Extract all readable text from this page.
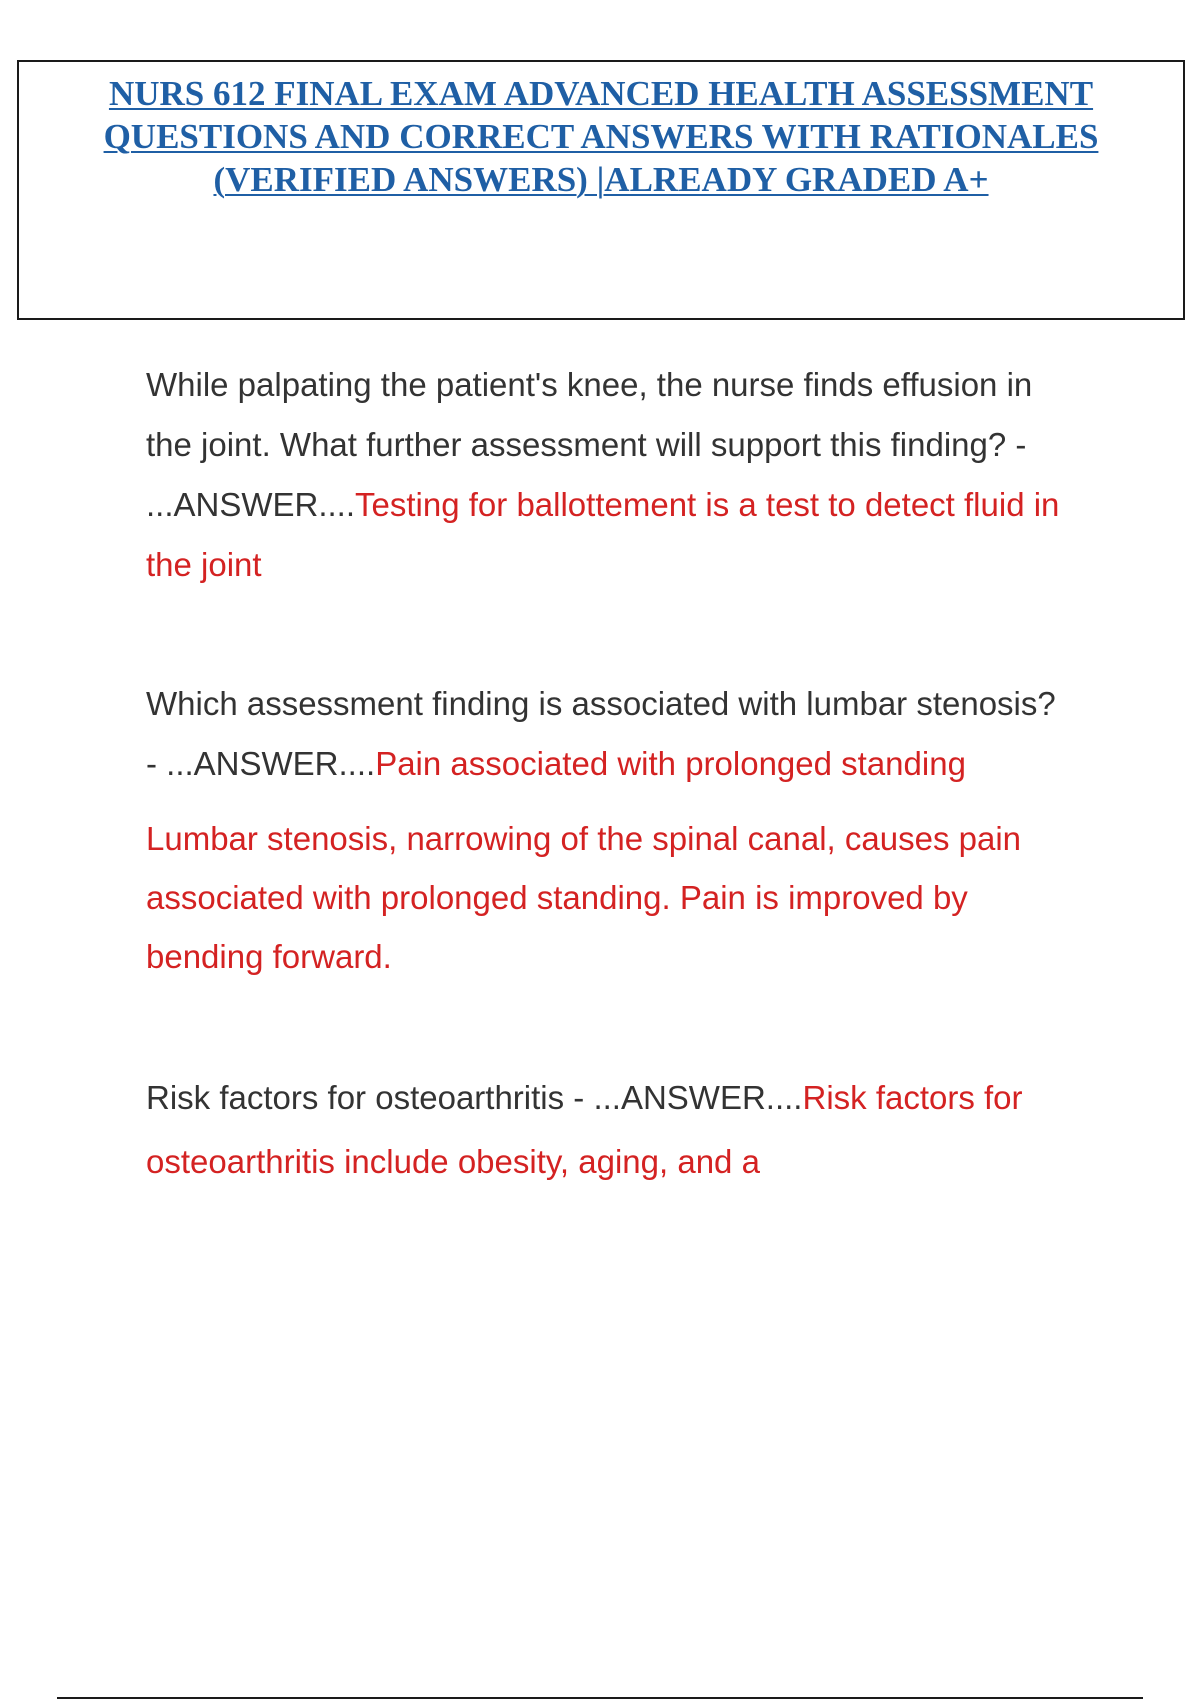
NURS 612 FINAL EXAM ADVANCED HEALTH ASSESSMENT
QUESTIONS AND CORRECT ANSWERS WITH RATIONALES
(VERIFIED ANSWERS) |ALREADY GRADED A+

While palpating the patient's knee, the nurse finds effusion in the joint. What further assessment will support this finding? - ...ANSWER....Testing for ballottement is a test to detect fluid in the joint

Which assessment finding is associated with lumbar stenosis? - ...ANSWER....Pain associated with prolonged standing

Lumbar stenosis, narrowing of the spinal canal, causes pain associated with prolonged standing. Pain is improved by bending forward.

Risk factors for osteoarthritis - ...ANSWER....Risk factors for osteoarthritis include obesity, aging, and a
